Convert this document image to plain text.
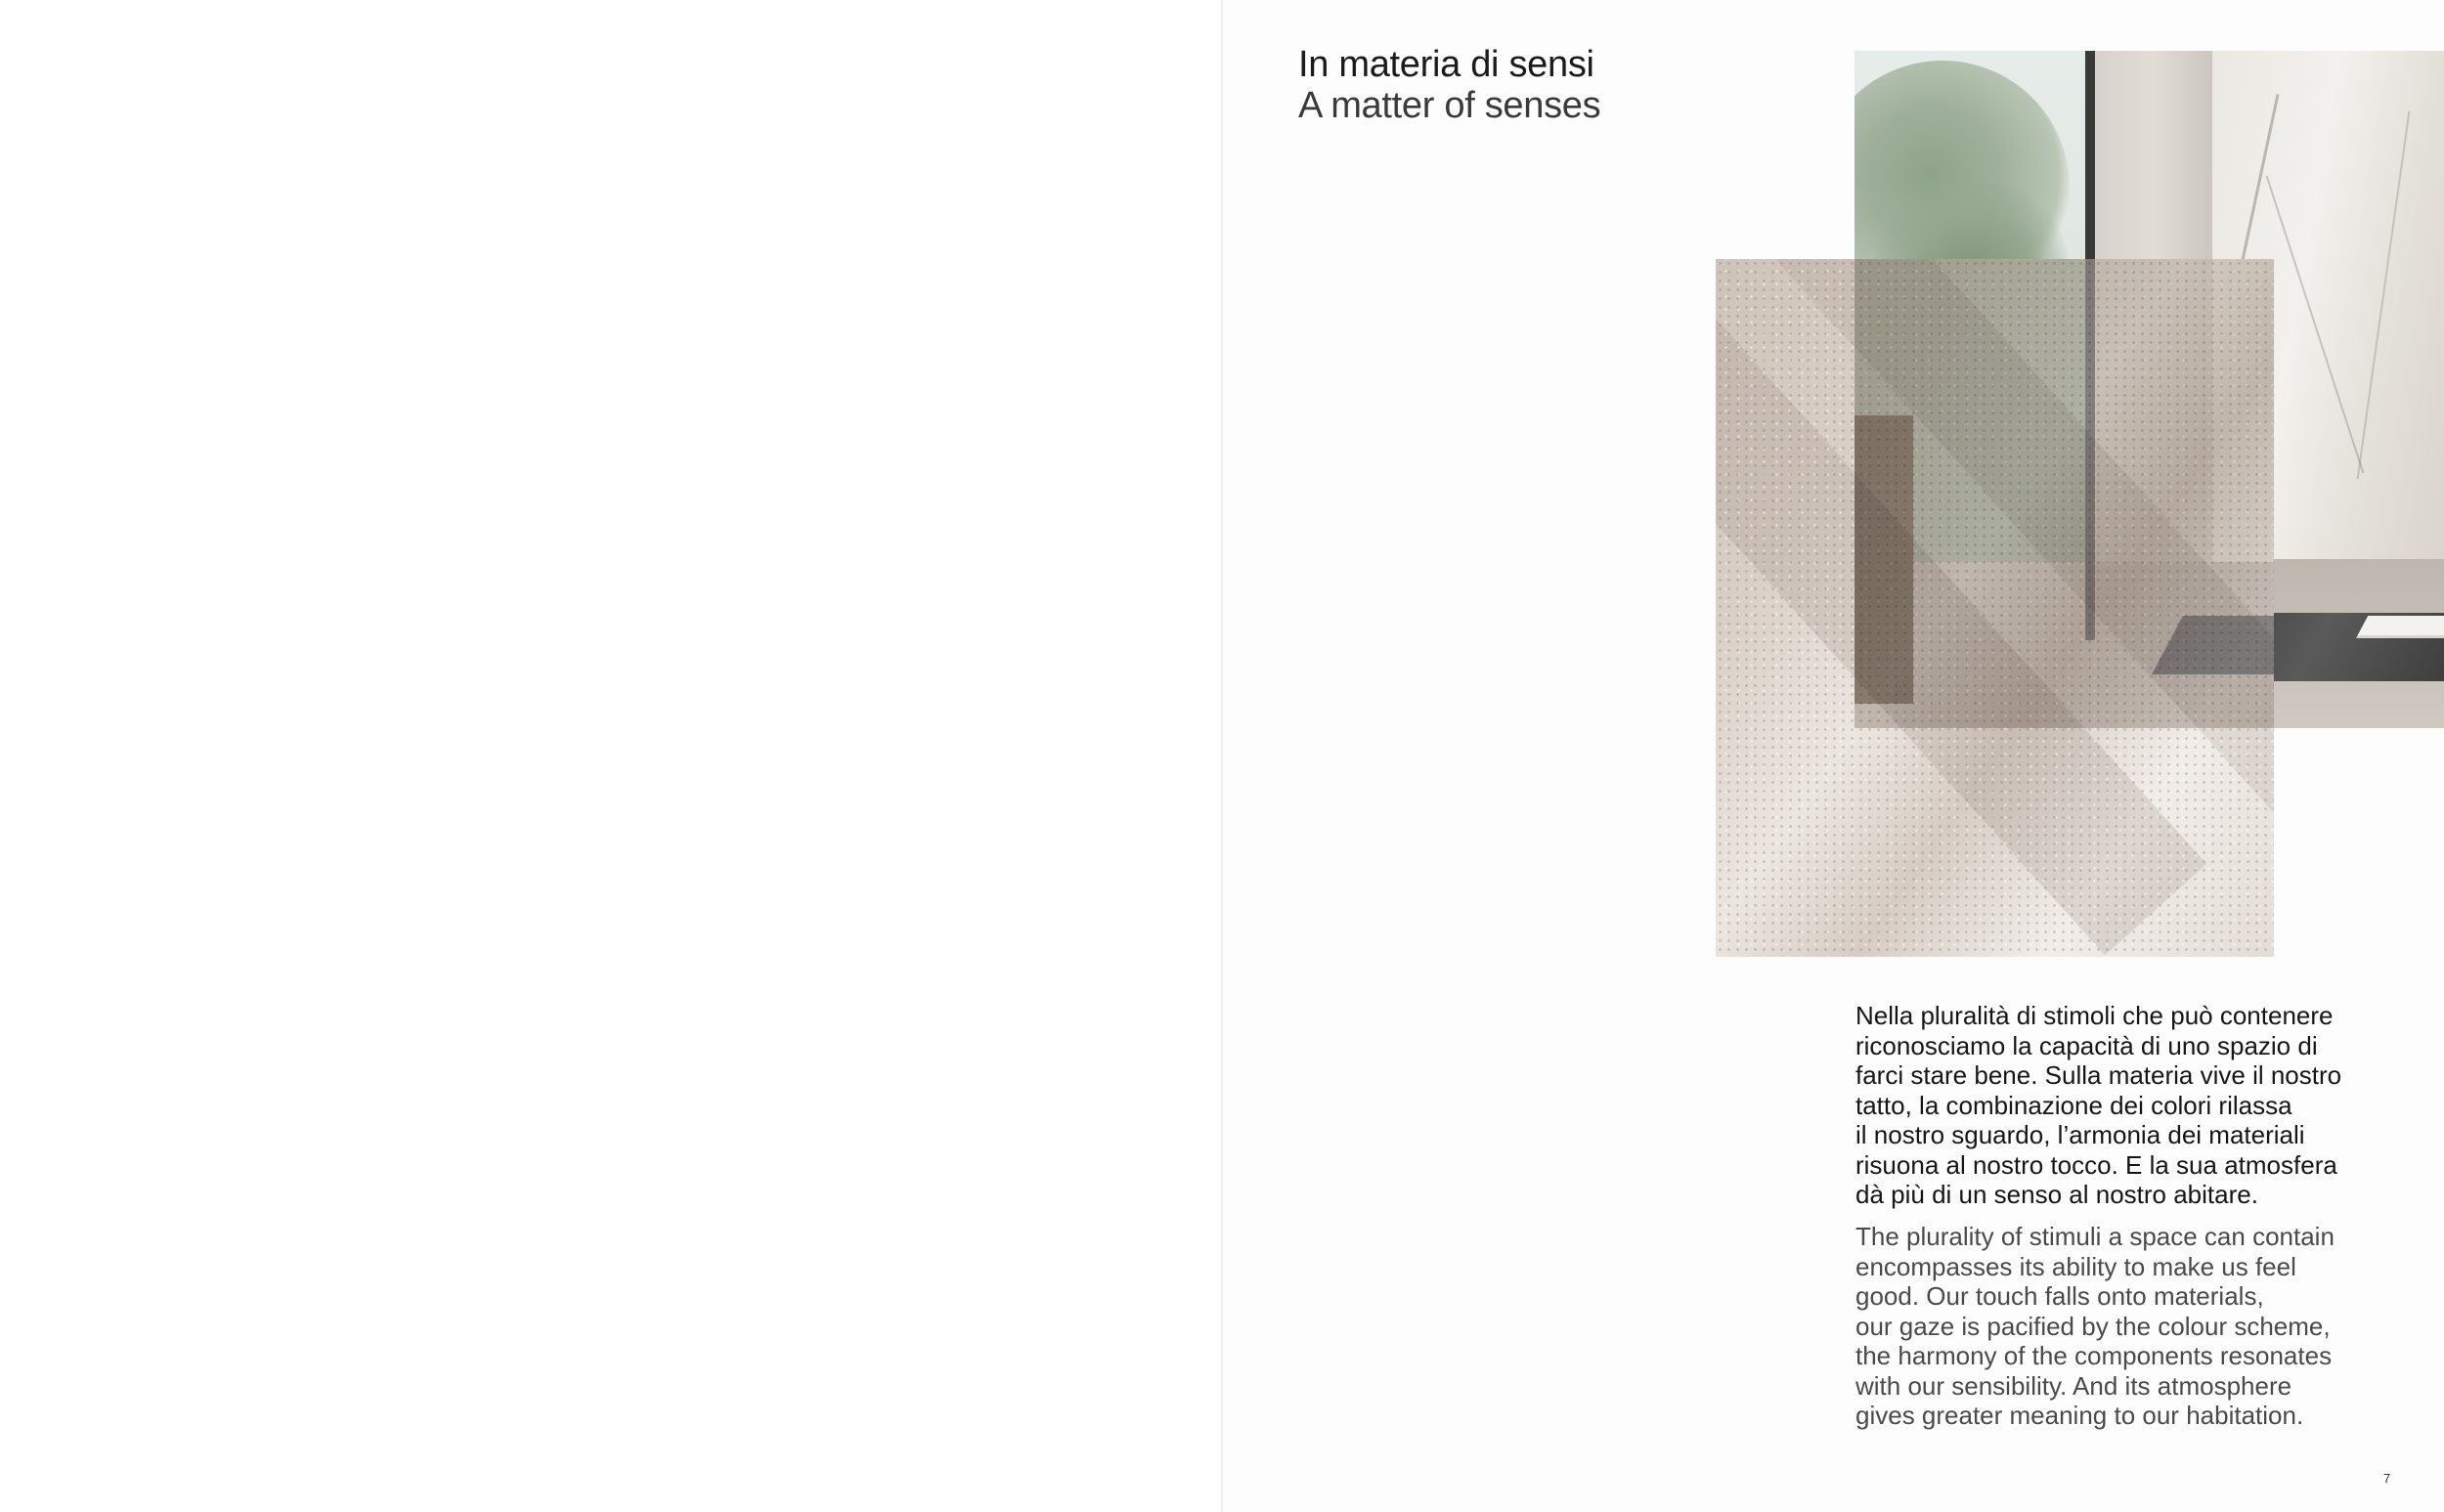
In materia di sensi
A matter of senses
Nella pluralità di stimoli che può contenere
riconosciamo la capacità di uno spazio di
farci stare bene. Sulla materia vive il nostro
tatto, la combinazione dei colori rilassa
il nostro sguardo, l’armonia dei materiali
risuona al nostro tocco. E la sua atmosfera
dà più di un senso al nostro abitare.
The plurality of stimuli a space can contain
encompasses its ability to make us feel
good. Our touch falls onto materials,
our gaze is pacified by the colour scheme,
the harmony of the components resonates
with our sensibility. And its atmosphere
gives greater meaning to our habitation.
7
